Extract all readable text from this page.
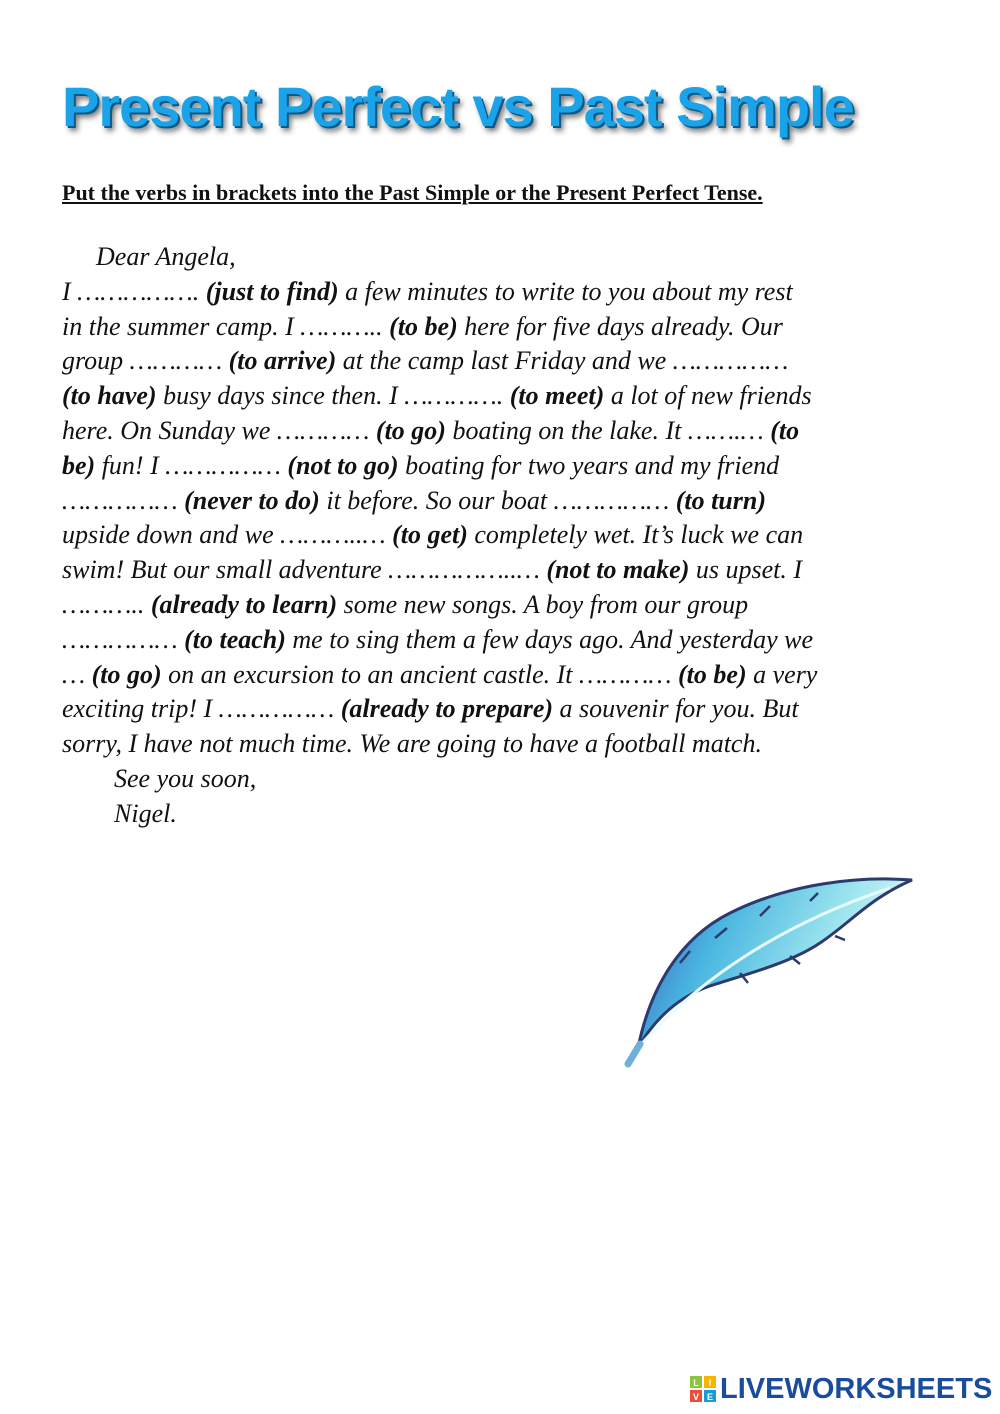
Present Perfect vs Past Simple
Put the verbs in brackets into the Past Simple or the Present Perfect Tense.
Dear Angela,
I ……………. (just to find) a few minutes to write to you about my rest
in the summer camp. I ……….. (to be) here for five days already. Our
group ………… (to arrive) at the camp last Friday and we ……………
(to have) busy days since then. I …………. (to meet) a lot of new friends
here. On Sunday we ………… (to go) boating on the lake. It …….… (to
be) fun! I …………… (not to go) boating for two years and my friend
…………… (never to do) it before. So our boat …………… (to turn)
upside down and we ………..… (to get) completely wet. It’s luck we can
swim! But our small adventure ……………..… (not to make) us upset. I
……….. (already to learn) some new songs. A boy from our group
…………… (to teach) me to sing them a few days ago. And yesterday we
… (to go) on an excursion to an ancient castle. It ………… (to be) a very
exciting trip! I …………… (already to prepare) a souvenir for you. But
sorry, I have not much time. We are going to have a football match.
See you soon,
Nigel.
L I
V E LIVEWORKSHEETS
